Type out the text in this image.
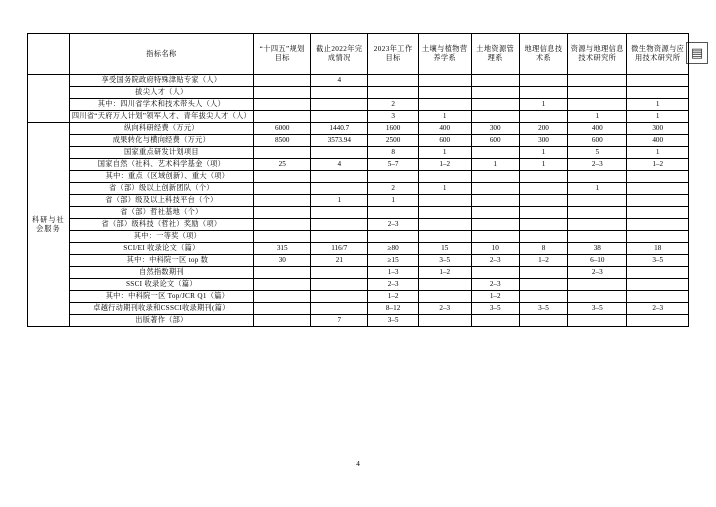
▤
	指标名称	“十四五”规划目标	截止2022年完成情况	2023年工作目标	土壤与植物营养学系	土地资源管理系	地理信息技术系	资源与地理信息技术研究所	微生物资源与应用技术研究所
	享受国务院政府特殊津贴专家（人）		4						
	拔尖人才（人）								
	其中：四川省学术和技术带头人（人）			2			1		1
	四川省“天府万人计划”领军人才、青年拔尖人才（人）			3	1			1	1
科研与社会服务	纵向科研经费（万元）	6000	1440.7	1600	400	300	200	400	300
	成果转化与横向经费（万元）	8500	3573.94	2500	600	600	300	600	400
	国家重点研发计划项目			8	1		1	5	1
	国家自然（社科、艺术科学基金（项）	25	4	5–7	1–2	1	1	2–3	1–2
	其中：重点（区域创新）、重大（项）								
	省（部）级以上创新团队（个）			2	1			1	
	省（部）级及以上科技平台（个）		1	1					
	省（部）哲社基地（个）								
	省（部）级科技（哲社）奖励（项）			2–3					
	其中：一等奖（项）								
	SCI/EI 收录论文（篇）	315	116/7	≥80	15	10	8	38	18
	其中：中科院一区 top 数	30	21	≥15	3–5	2–3	1–2	6–10	3–5
	自然指数期刊			1–3	1–2			2–3	
	SSCI 收录论文（篇）			2–3		2–3			
	其中：中科院一区 Top/JCR Q1（篇）			1–2		1–2			
	卓越行动期刊收录和CSSCI收录期刊(篇）			8–12	2–3	3–5	3–5	3–5	2–3
	出版著作（部）		7	3–5					
4
